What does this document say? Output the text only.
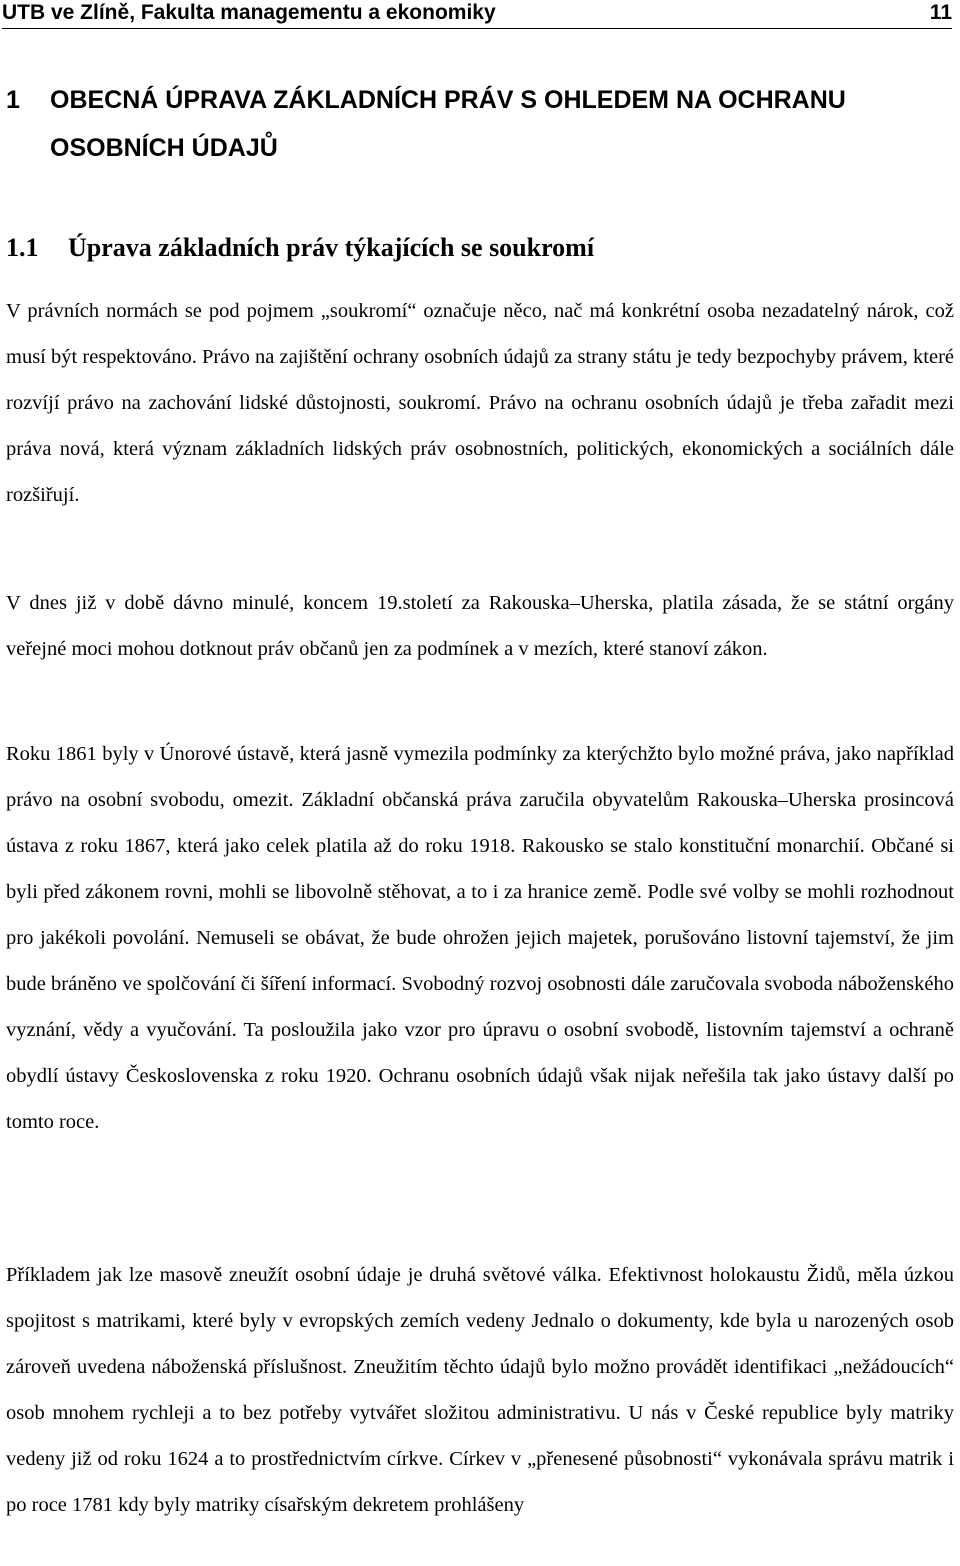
UTB ve Zlíně, Fakulta managementu a ekonomiky	11
1 OBECNÁ ÚPRAVA ZÁKLADNÍCH PRÁV S OHLEDEM NA OCHRANU OSOBNÍCH ÚDAJŮ
1.1 Úprava základních práv týkajících se soukromí

V právních normách se pod pojmem „soukromí“ označuje něco, nač má konkrétní osoba nezadatelný nárok, což musí být respektováno. Právo na zajištění ochrany osobních údajů za strany státu je tedy bezpochyby právem, které rozvíjí právo na zachování lidské důstojnosti, soukromí. Právo na ochranu osobních údajů je třeba zařadit mezi práva nová, která význam základních lidských práv osobnostních, politických, ekonomických a sociálních dále rozšiřují.

V dnes již v době dávno minulé, koncem 19.století za Rakouska–Uherska, platila zásada, že se státní orgány veřejné moci mohou dotknout práv občanů jen za podmínek a v mezích, které stanoví zákon.

Roku 1861 byly v Únorové ústavě, která jasně vymezila podmínky za kterýchžto bylo možné práva, jako například právo na osobní svobodu, omezit. Základní občanská práva zaručila obyvatelům Rakouska–Uherska prosincová ústava z roku 1867, která jako celek platila až do roku 1918. Rakousko se stalo konstituční monarchií. Občané si byli před zákonem rovni, mohli se libovolně stěhovat, a to i za hranice země. Podle své volby se mohli rozhodnout pro jakékoli povolání. Nemuseli se obávat, že bude ohrožen jejich majetek, porušováno listovní tajemství, že jim bude bráněno ve spolčování či šíření informací. Svobodný rozvoj osobnosti dále zaručovala svoboda náboženského vyznání, vědy a vyučování. Ta posloužila jako vzor pro úpravu o osobní svobodě, listovním tajemství a ochraně obydlí ústavy Československa z roku 1920. Ochranu osobních údajů však nijak neřešila tak jako ústavy další po tomto roce.

Příkladem jak lze masově zneužít osobní údaje je druhá světové válka. Efektivnost holokaustu Židů, měla úzkou spojitost s matrikami, které byly v evropských zemích vedeny Jednalo o dokumenty, kde byla u narozených osob zároveň uvedena náboženská příslušnost. Zneužitím těchto údajů bylo možno provádět identifikaci „nežádoucích“ osob mnohem rychleji a to bez potřeby vytvářet složitou administrativu. U nás v České republice byly matriky vedeny již od roku 1624 a to prostřednictvím církve. Církev v „přenesené působnosti“ vykonávala správu matrik i po roce 1781 kdy byly matriky císařským dekretem prohlášeny
